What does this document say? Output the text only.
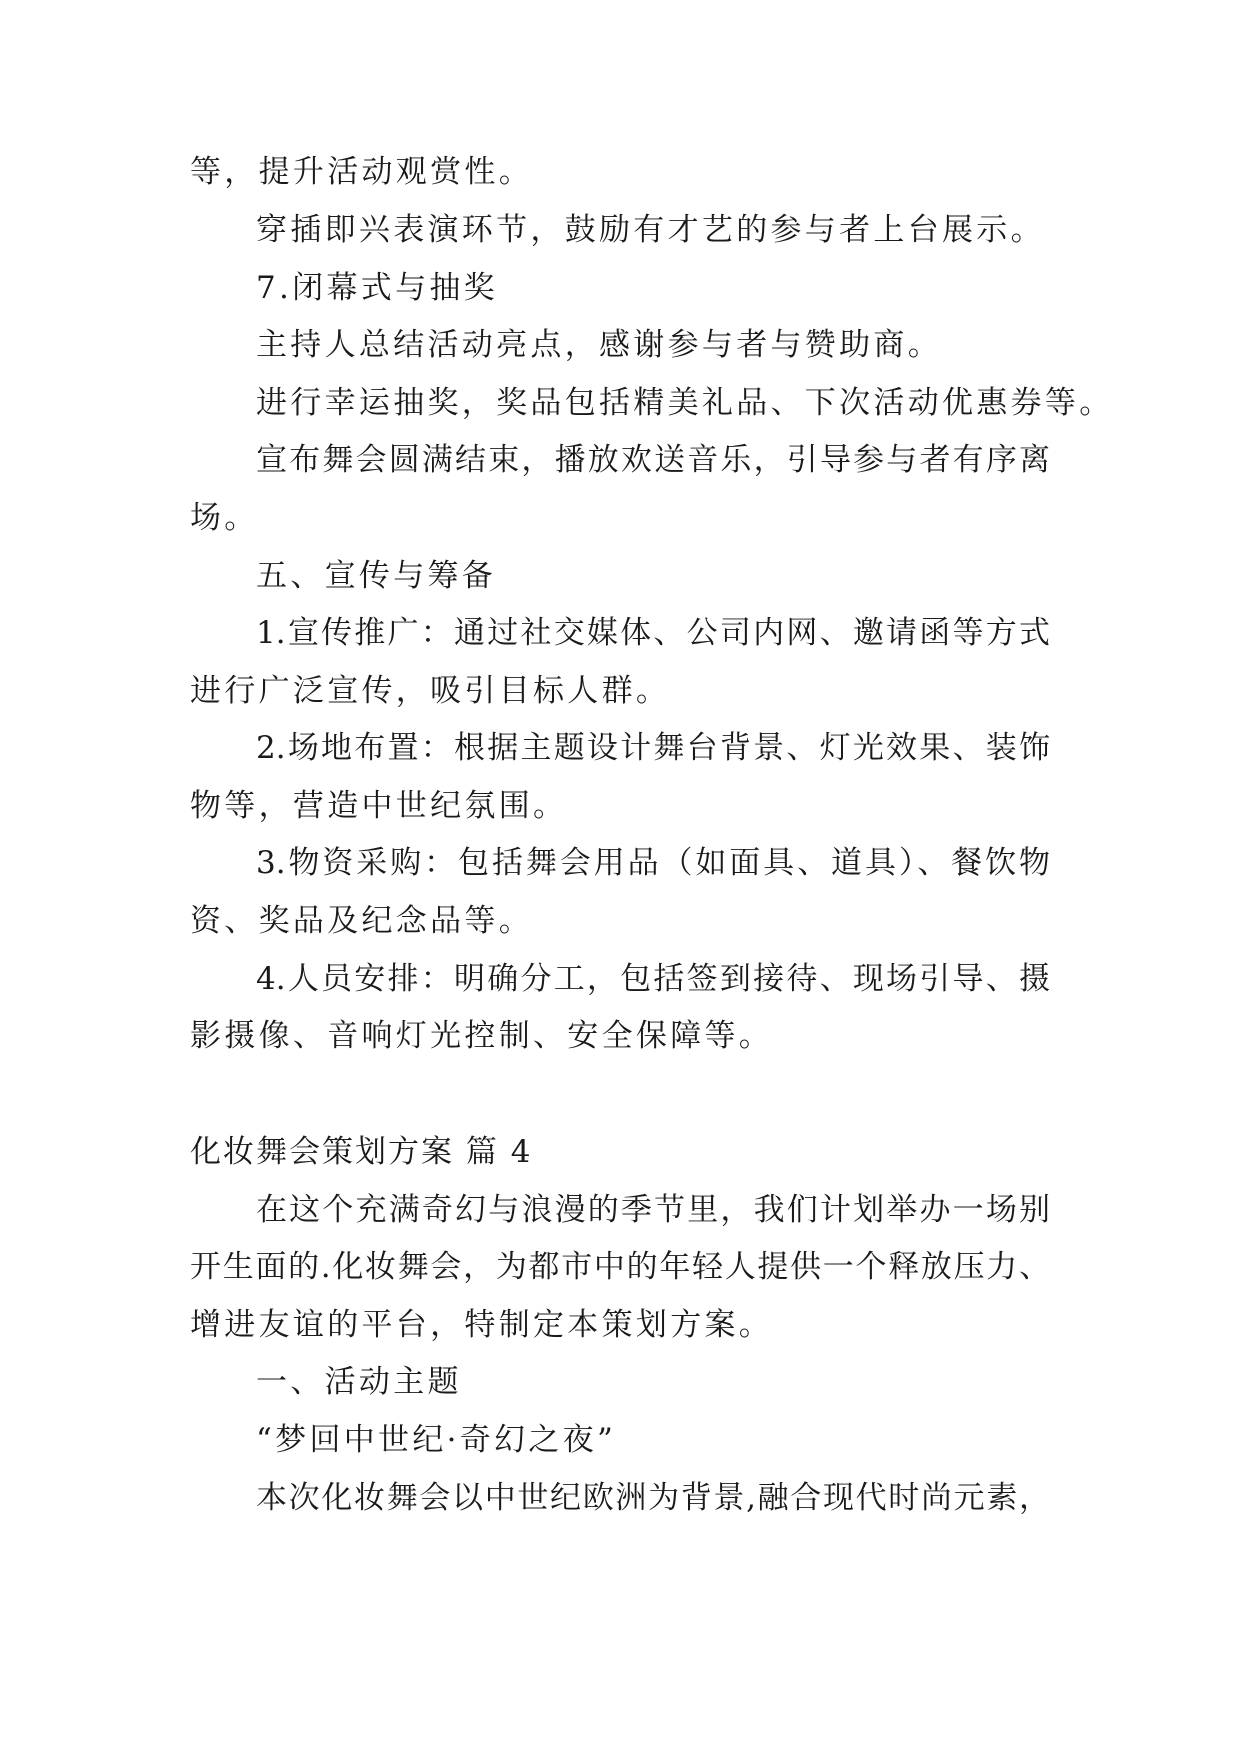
等，提升活动观赏性。
穿插即兴表演环节，鼓励有才艺的参与者上台展示。
7.闭幕式与抽奖
主持人总结活动亮点，感谢参与者与赞助商。
进行幸运抽奖，奖品包括精美礼品、下次活动优惠券等。
宣布舞会圆满结束，播放欢送音乐，引导参与者有序离
场。
五、宣传与筹备
1.宣传推广：通过社交媒体、公司内网、邀请函等方式
进行广泛宣传，吸引目标人群。
2.场地布置：根据主题设计舞台背景、灯光效果、装饰
物等，营造中世纪氛围。
3.物资采购：包括舞会用品（如面具、道具）、餐饮物
资、奖品及纪念品等。
4.人员安排：明确分工，包括签到接待、现场引导、摄
影摄像、音响灯光控制、安全保障等。
化妆舞会策划方案 篇 4
在这个充满奇幻与浪漫的季节里，我们计划举办一场别
开生面的.化妆舞会，为都市中的年轻人提供一个释放压力、
增进友谊的平台，特制定本策划方案。
一、活动主题
“梦回中世纪·奇幻之夜”
本次化妆舞会以中世纪欧洲为背景,融合现代时尚元素，
